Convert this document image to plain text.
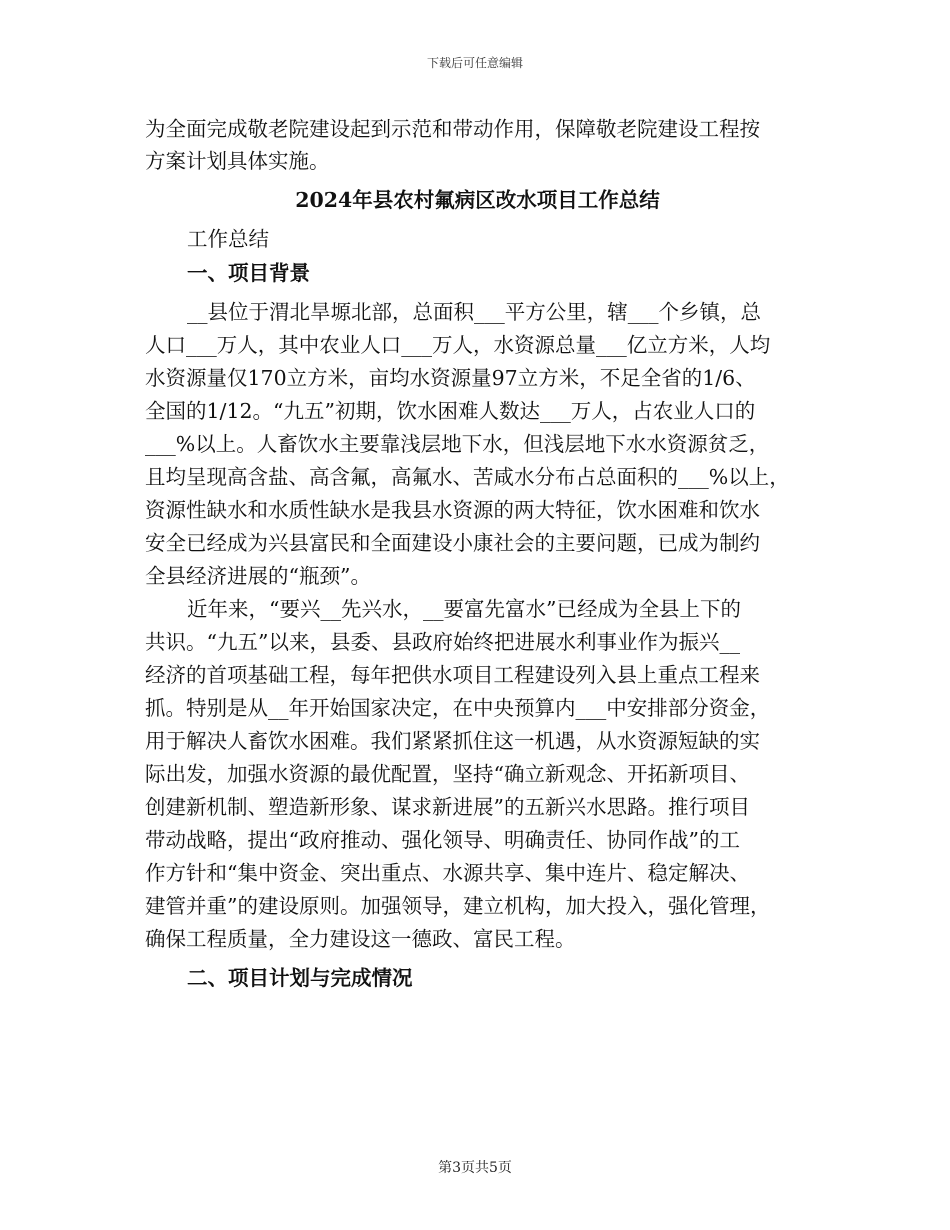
下载后可任意编辑
为全面完成敬老院建设起到示范和带动作用，保障敬老院建设工程按
方案计划具体实施。
2024年县农村氟病区改水项目工作总结
工作总结
一、项目背景
__县位于渭北旱塬北部，总面积___平方公里，辖___个乡镇，总
人口___万人，其中农业人口___万人，水资源总量___亿立方米，人均
水资源量仅170立方米，亩均水资源量97立方米，不足全省的1/6、
全国的1/12。“九五”初期，饮水困难人数达___万人，占农业人口的
___%以上。人畜饮水主要靠浅层地下水，但浅层地下水水资源贫乏，
且均呈现高含盐、高含氟，高氟水、苦咸水分布占总面积的___%以上，
资源性缺水和水质性缺水是我县水资源的两大特征，饮水困难和饮水
安全已经成为兴县富民和全面建设小康社会的主要问题，已成为制约
全县经济进展的“瓶颈”。
近年来，“要兴__先兴水，__要富先富水”已经成为全县上下的
共识。“九五”以来，县委、县政府始终把进展水利事业作为振兴__
经济的首项基础工程，每年把供水项目工程建设列入县上重点工程来
抓。特别是从__年开始国家决定，在中央预算内___中安排部分资金，
用于解决人畜饮水困难。我们紧紧抓住这一机遇，从水资源短缺的实
际出发，加强水资源的最优配置，坚持“确立新观念、开拓新项目、
创建新机制、塑造新形象、谋求新进展”的五新兴水思路。推行项目
带动战略，提出“政府推动、强化领导、明确责任、协同作战”的工
作方针和“集中资金、突出重点、水源共享、集中连片、稳定解决、
建管并重”的建设原则。加强领导，建立机构，加大投入，强化管理，
确保工程质量，全力建设这一德政、富民工程。
二、项目计划与完成情况
第3页共5页
